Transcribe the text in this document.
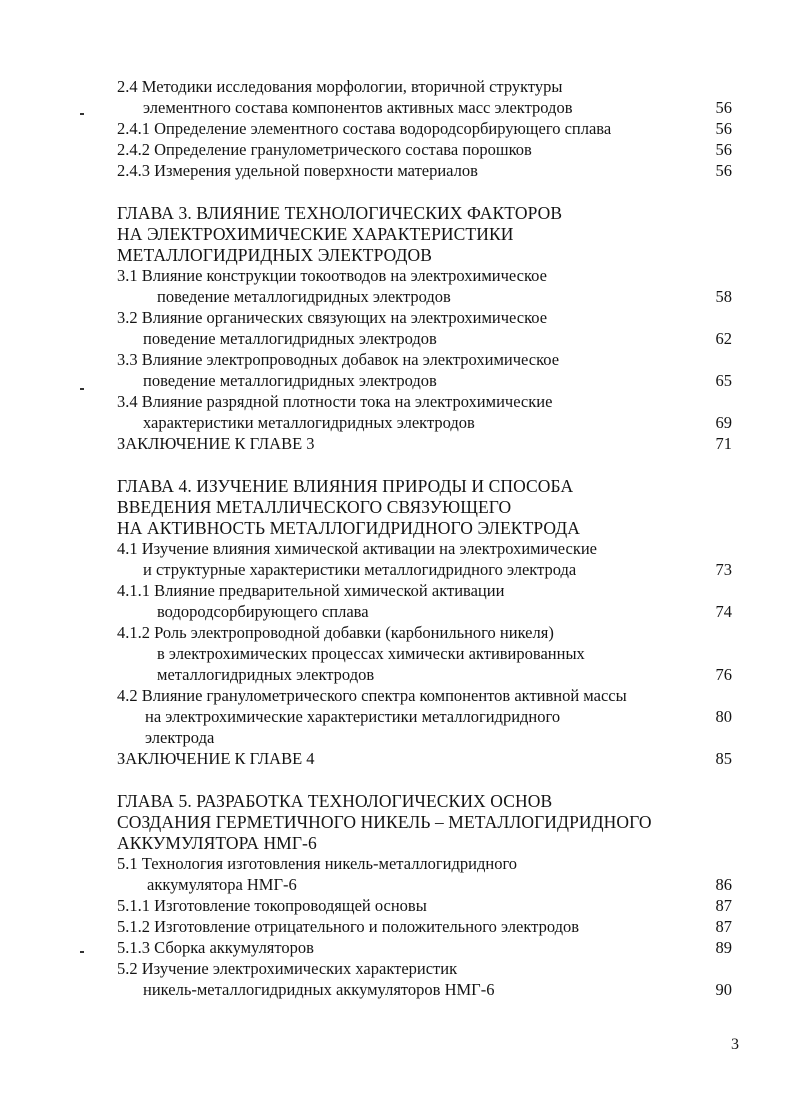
2.4 Методики исследования морфологии, вторичной структуры
элементного состава компонентов активных масс электродов	56
2.4.1 Определение элементного состава водородсорбирующего сплава	56
2.4.2 Определение гранулометрического состава порошков	56
2.4.3 Измерения удельной поверхности материалов	56
ГЛАВА 3. ВЛИЯНИЕ ТЕХНОЛОГИЧЕСКИХ ФАКТОРОВ
НА ЭЛЕКТРОХИМИЧЕСКИЕ ХАРАКТЕРИСТИКИ
МЕТАЛЛОГИДРИДНЫХ ЭЛЕКТРОДОВ
3.1 Влияние конструкции токоотводов на электрохимическое
поведение металлогидридных электродов	58
3.2 Влияние органических связующих на электрохимическое
поведение металлогидридных электродов	62
3.3 Влияние электропроводных добавок на электрохимическое
поведение металлогидридных электродов	65
3.4 Влияние разрядной плотности тока на электрохимические
характеристики металлогидридных электродов	69
ЗАКЛЮЧЕНИЕ К ГЛАВЕ 3	71
ГЛАВА 4. ИЗУЧЕНИЕ ВЛИЯНИЯ ПРИРОДЫ И СПОСОБА
ВВЕДЕНИЯ МЕТАЛЛИЧЕСКОГО СВЯЗУЮЩЕГО
НА АКТИВНОСТЬ МЕТАЛЛОГИДРИДНОГО ЭЛЕКТРОДА
4.1 Изучение влияния химической активации на электрохимические
и структурные характеристики металлогидридного электрода	73
4.1.1 Влияние предварительной химической активации
водородсорбирующего сплава	74
4.1.2 Роль электропроводной добавки (карбонильного никеля)
в электрохимических процессах химически активированных
металлогидридных электродов	76
4.2 Влияние гранулометрического спектра компонентов активной массы
на электрохимические характеристики металлогидридного	80
электрода
ЗАКЛЮЧЕНИЕ К ГЛАВЕ 4	85
ГЛАВА 5. РАЗРАБОТКА ТЕХНОЛОГИЧЕСКИХ ОСНОВ
СОЗДАНИЯ ГЕРМЕТИЧНОГО НИКЕЛЬ – МЕТАЛЛОГИДРИДНОГО
АККУМУЛЯТОРА НМГ-6
5.1 Технология изготовления никель-металлогидридного
аккумулятора НМГ-6	86
5.1.1 Изготовление токопроводящей основы	87
5.1.2 Изготовление отрицательного и положительного электродов	87
5.1.3 Сборка аккумуляторов	89
5.2 Изучение электрохимических характеристик
никель-металлогидридных аккумуляторов НМГ-6	90
3
